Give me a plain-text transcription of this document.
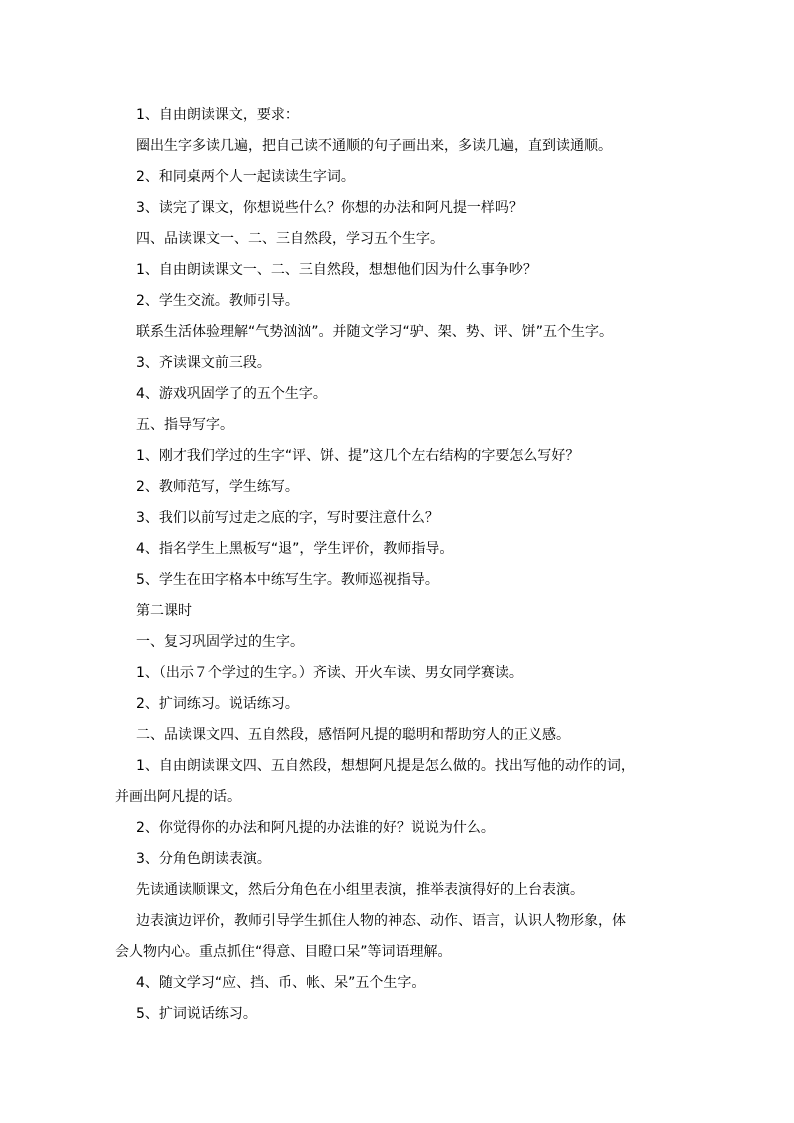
1、自由朗读课文，要求：

圈出生字多读几遍，把自己读不通顺的句子画出来，多读几遍，直到读通顺。

2、和同桌两个人一起读读生字词。

3、读完了课文，你想说些什么？你想的办法和阿凡提一样吗？

四、品读课文一、二、三自然段，学习五个生字。

1、自由朗读课文一、二、三自然段，想想他们因为什么事争吵？

2、学生交流。教师引导。

联系生活体验理解“气势汹汹”。并随文学习“驴、架、势、评、饼”五个生字。

3、齐读课文前三段。

4、游戏巩固学了的五个生字。

五、指导写字。

1、刚才我们学过的生字“评、饼、提”这几个左右结构的字要怎么写好？

2、教师范写，学生练写。

3、我们以前写过走之底的字，写时要注意什么？

4、指名学生上黑板写“退”，学生评价，教师指导。

5、学生在田字格本中练写生字。教师巡视指导。

第二课时

一、复习巩固学过的生字。

1、（出示７个学过的生字。）齐读、开火车读、男女同学赛读。

2、扩词练习。说话练习。

二、品读课文四、五自然段，感悟阿凡提的聪明和帮助穷人的正义感。

1、自由朗读课文四、五自然段，想想阿凡提是怎么做的。找出写他的动作的词，并画出阿凡提的话。

2、你觉得你的办法和阿凡提的办法谁的好？说说为什么。

3、分角色朗读表演。

先读通读顺课文，然后分角色在小组里表演，推举表演得好的上台表演。

边表演边评价，教师引导学生抓住人物的神态、动作、语言，认识人物形象，体会人物内心。重点抓住“得意、目瞪口呆”等词语理解。

4、随文学习“应、挡、币、帐、呆”五个生字。

5、扩词说话练习。
